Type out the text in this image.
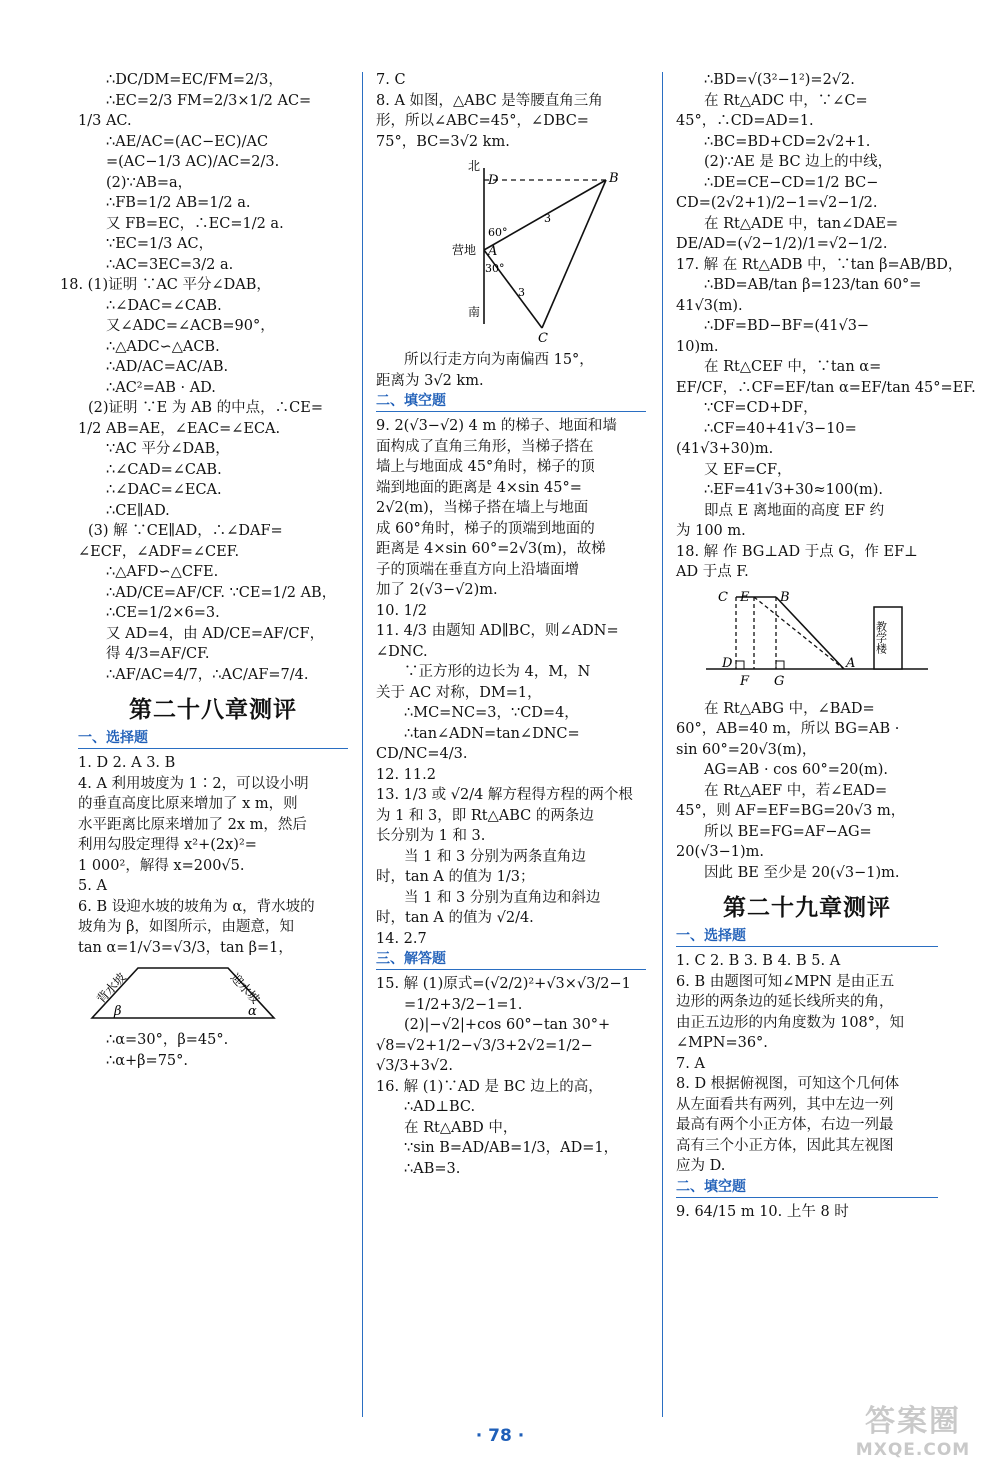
∴DC/DM=EC/FM=2/3，

∴EC=2/3 FM=2/3×1/2 AC=

1/3 AC.

∴AE/AC=(AC−EC)/AC

=(AC−1/3 AC)/AC=2/3.

(2)∵AB=a，

∴FB=1/2 AB=1/2 a.

又 FB=EC，∴EC=1/2 a.

∵EC=1/3 AC，

∴AC=3EC=3/2 a.

18. (1)证明 ∵AC 平分∠DAB，

∴∠DAC=∠CAB.

又∠ADC=∠ACB=90°，

∴△ADC∽△ACB.

∴AD/AC=AC/AB.

∴AC²=AB · AD.

(2)证明 ∵E 为 AB 的中点，∴CE=

1/2 AB=AE，∠EAC=∠ECA.

∵AC 平分∠DAB，

∴∠CAD=∠CAB.

∴∠DAC=∠ECA.

∴CE∥AD.

(3) 解 ∵CE∥AD，∴∠DAF=

∠ECF，∠ADF=∠CEF.

∴△AFD∽△CFE.

∴AD/CE=AF/CF. ∵CE=1/2 AB，

∴CE=1/2×6=3.

又 AD=4，由 AD/CE=AF/CF，

得 4/3=AF/CF.

∴AF/AC=4/7，∴AC/AF=7/4.

第二十八章测评
一、选择题

1. D 2. A 3. B

4. A 利用坡度为 1∶2，可以设小明

的垂直高度比原来增加了 x m，则

水平距离比原来增加了 2x m，然后

利用勾股定理得 x²+(2x)²=

1 000²，解得 x=200√5.

5. A

6. B 设迎水坡的坡角为 α，背水坡的

坡角为 β，如图所示，由题意，知

tan α=1/√3=√3/3，tan β=1，

背水坡	迎水坡
β	α

∴α=30°，β=45°.

∴α+β=75°.

7. C

8. A 如图，△ABC 是等腰直角三角

形，所以∠ABC=45°，∠DBC=

75°，BC=3√2 km.

北
南
营地
D
A
B
C
60°
30°
3
3

所以行走方向为南偏西 15°，

距离为 3√2 km.

二、填空题

9. 2(√3−√2) 4 m 的梯子、地面和墙

面构成了直角三角形，当梯子搭在

墙上与地面成 45°角时，梯子的顶

端到地面的距离是 4×sin 45°=

2√2(m)，当梯子搭在墙上与地面

成 60°角时，梯子的顶端到地面的

距离是 4×sin 60°=2√3(m)，故梯

子的顶端在垂直方向上沿墙面增

加了 2(√3−√2)m.

10. 1/2

11. 4/3 由题知 AD∥BC，则∠ADN=

∠DNC.

∵正方形的边长为 4，M，N

关于 AC 对称，DM=1，

∴MC=NC=3，∵CD=4，

∴tan∠ADN=tan∠DNC=

CD/NC=4/3.

12. 11.2

13. 1/3 或 √2/4 解方程得方程的两个根

为 1 和 3，即 Rt△ABC 的两条边

长分别为 1 和 3.

当 1 和 3 分别为两条直角边

时，tan A 的值为 1/3；

当 1 和 3 分别为直角边和斜边

时，tan A 的值为 √2/4.

14. 2.7

三、解答题

15. 解 (1)原式=(√2/2)²+√3×√3/2−1

=1/2+3/2−1=1.

(2)|−√2|+cos 60°−tan 30°+

√8=√2+1/2−√3/3+2√2=1/2−

√3/3+3√2.

16. 解 (1)∵AD 是 BC 边上的高，

∴AD⊥BC.

在 Rt△ABD 中，

∵sin B=AD/AB=1/3，AD=1，

∴AB=3.

∴BD=√(3²−1²)=2√2.

在 Rt△ADC 中，∵∠C=

45°，∴CD=AD=1.

∴BC=BD+CD=2√2+1.

(2)∵AE 是 BC 边上的中线，

∴DE=CE−CD=1/2 BC−

CD=(2√2+1)/2−1=√2−1/2.

在 Rt△ADE 中，tan∠DAE=

DE/AD=(√2−1/2)/1=√2−1/2.

17. 解 在 Rt△ADB 中，∵tan β=AB/BD，

∴BD=AB/tan β=123/tan 60°=

41√3(m).

∴DF=BD−BF=(41√3−

10)m.

在 Rt△CEF 中，∵tan α=

EF/CF，∴CF=EF/tan α=EF/tan 45°=EF.

∵CF=CD+DF，

∴CF=40+41√3−10=

(41√3+30)m.

又 EF=CF，

∴EF=41√3+30≈100(m).

即点 E 离地面的高度 EF 约

为 100 m.

18. 解 作 BG⊥AD 于点 G，作 EF⊥

AD 于点 F.

C E B
D
F G
A
教学楼

在 Rt△ABG 中，∠BAD=

60°，AB=40 m，所以 BG=AB ·

sin 60°=20√3(m)，

AG=AB · cos 60°=20(m).

在 Rt△AEF 中，若∠EAD=

45°，则 AF=EF=BG=20√3 m，

所以 BE=FG=AF−AG=

20(√3−1)m.

因此 BE 至少是 20(√3−1)m.

第二十九章测评
一、选择题

1. C 2. B 3. B 4. B 5. A

6. B 由题图可知∠MPN 是由正五

边形的两条边的延长线所夹的角，

由正五边形的内角度数为 108°，知

∠MPN=36°.

7. A

8. D 根据俯视图，可知这个几何体

从左面看共有两列，其中左边一列

最高有两个小正方体，右边一列最

高有三个小正方体，因此其左视图

应为 D.

二、填空题

9. 64/15 m 10. 上午 8 时

· 78 ·	答案圈
MXQE.COM
